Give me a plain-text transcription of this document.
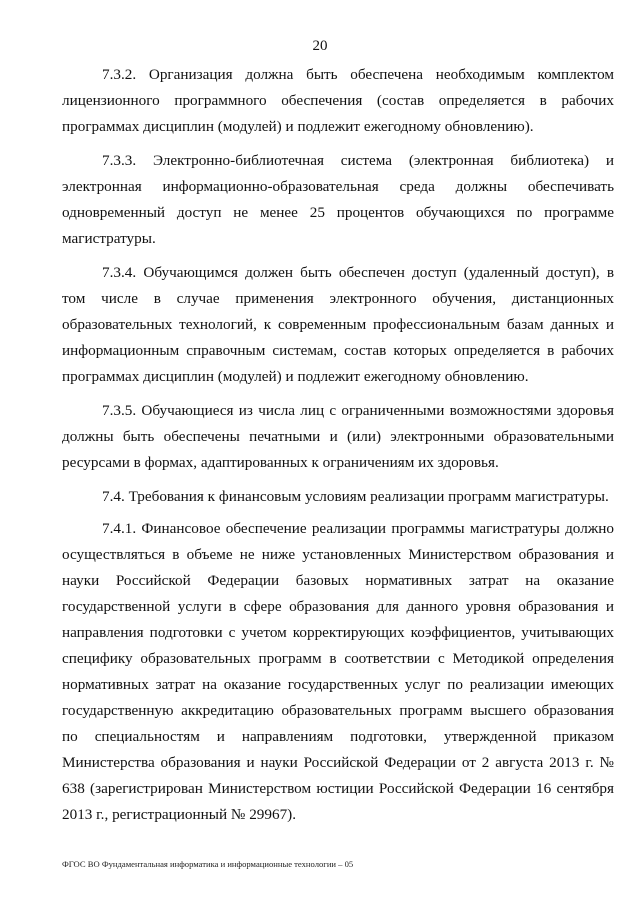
20

7.3.2. Организация должна быть обеспечена необходимым комплектом лицензионного программного обеспечения (состав определяется в рабочих программах дисциплин (модулей) и подлежит ежегодному обновлению).

7.3.3. Электронно-библиотечная система (электронная библиотека) и электронная информационно-образовательная среда должны обеспечивать одновременный доступ не менее 25 процентов обучающихся по программе магистратуры.

7.3.4. Обучающимся должен быть обеспечен доступ (удаленный доступ), в том числе в случае применения электронного обучения, дистанционных образовательных технологий, к современным профессиональным базам данных и информационным справочным системам, состав которых определяется в рабочих программах дисциплин (модулей) и подлежит ежегодному обновлению.

7.3.5. Обучающиеся из числа лиц с ограниченными возможностями здоровья должны быть обеспечены печатными и (или) электронными образовательными ресурсами в формах, адаптированных к ограничениям их здоровья.

7.4. Требования к финансовым условиям реализации программ магистратуры.

7.4.1. Финансовое обеспечение реализации программы магистратуры должно осуществляться в объеме не ниже установленных Министерством образования и науки Российской Федерации базовых нормативных затрат на оказание государственной услуги в сфере образования для данного уровня образования и направления подготовки с учетом корректирующих коэффициентов, учитывающих специфику образовательных программ в соответствии с Методикой определения нормативных затрат на оказание государственных услуг по реализации имеющих государственную аккредитацию образовательных программ высшего образования по специальностям и направлениям подготовки, утвержденной приказом Министерства образования и науки Российской Федерации от 2 августа 2013 г. № 638 (зарегистрирован Министерством юстиции Российской Федерации 16 сентября 2013 г., регистрационный № 29967).

ФГОС ВО Фундаментальная информатика и информационные технологии – 05
